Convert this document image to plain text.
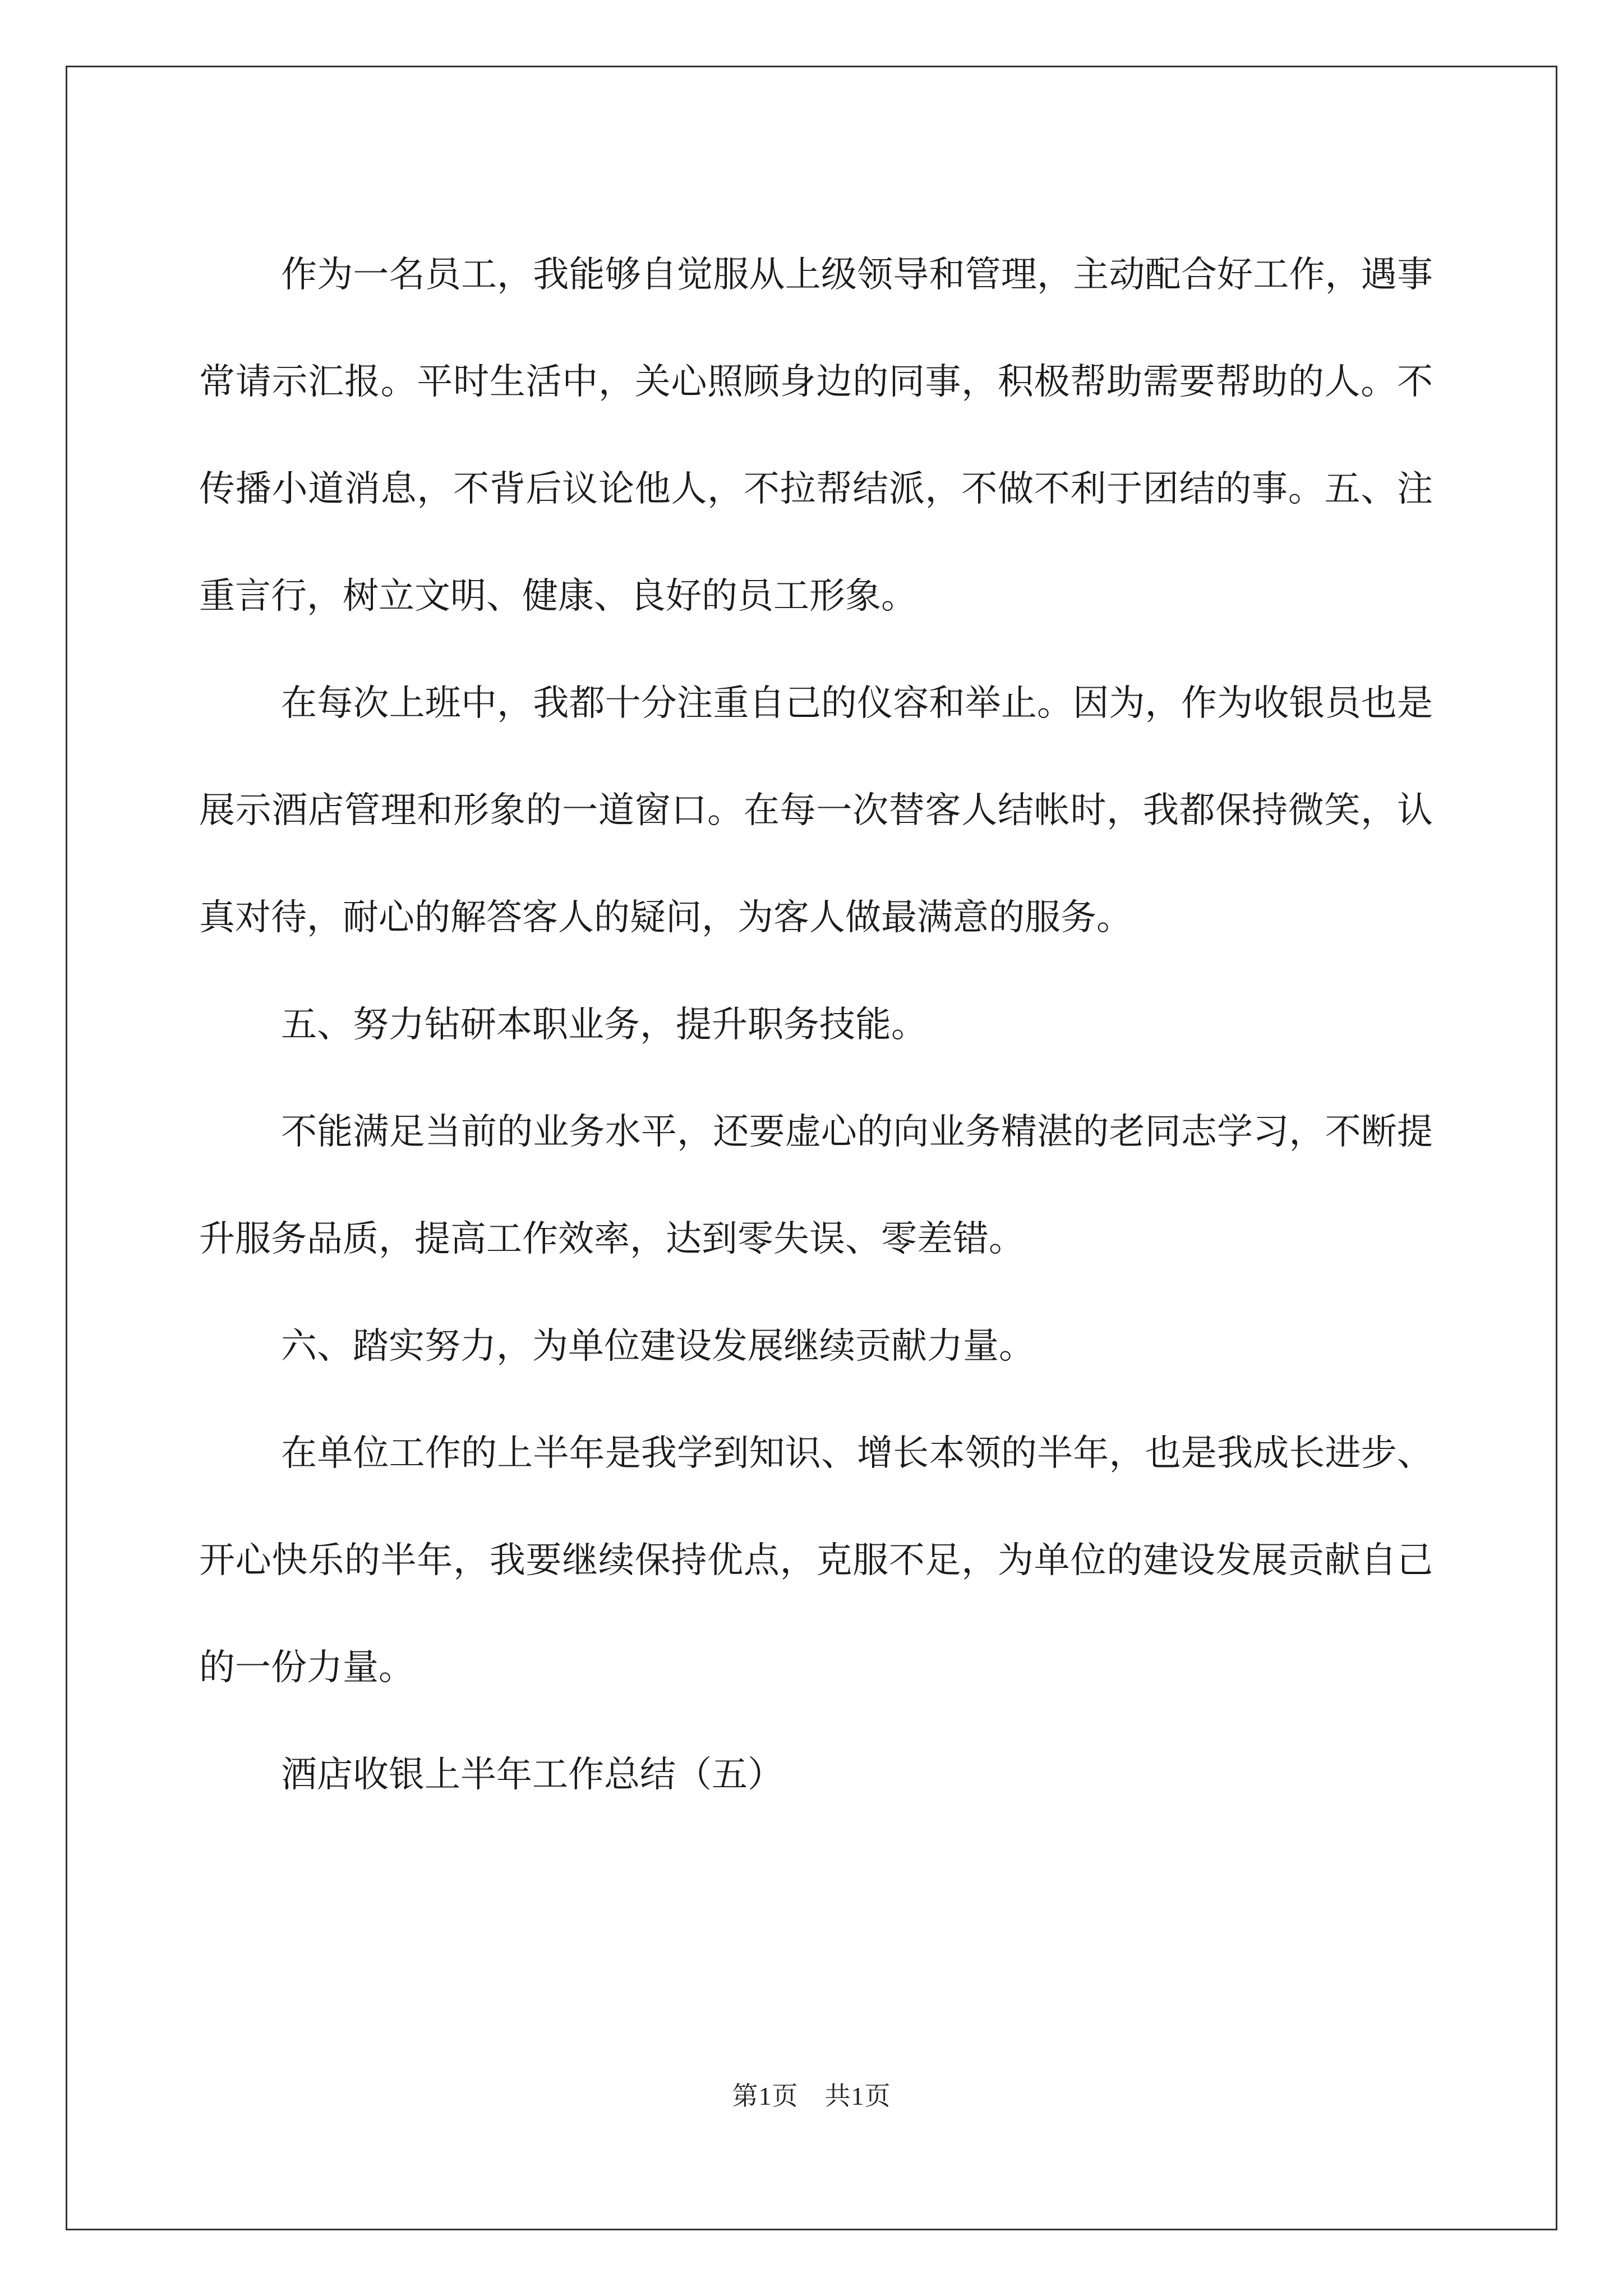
作为一名员工，我能够自觉服从上级领导和管理，主动配合好工作，遇事常请示汇报。平时生活中，关心照顾身边的同事，积极帮助需要帮助的人。不传播小道消息，不背后议论他人，不拉帮结派，不做不利于团结的事。五、注重言行，树立文明、健康、良好的员工形象。

在每次上班中，我都十分注重自己的仪容和举止。因为，作为收银员也是展示酒店管理和形象的一道窗口。在每一次替客人结帐时，我都保持微笑，认真对待，耐心的解答客人的疑问，为客人做最满意的服务。

五、努力钻研本职业务，提升职务技能。

不能满足当前的业务水平，还要虚心的向业务精湛的老同志学习，不断提升服务品质，提高工作效率，达到零失误、零差错。

六、踏实努力，为单位建设发展继续贡献力量。

在单位工作的上半年是我学到知识、增长本领的半年，也是我成长进步、开心快乐的半年，我要继续保持优点，克服不足，为单位的建设发展贡献自己的一份力量。

酒店收银上半年工作总结（五）

第1页　共1页
